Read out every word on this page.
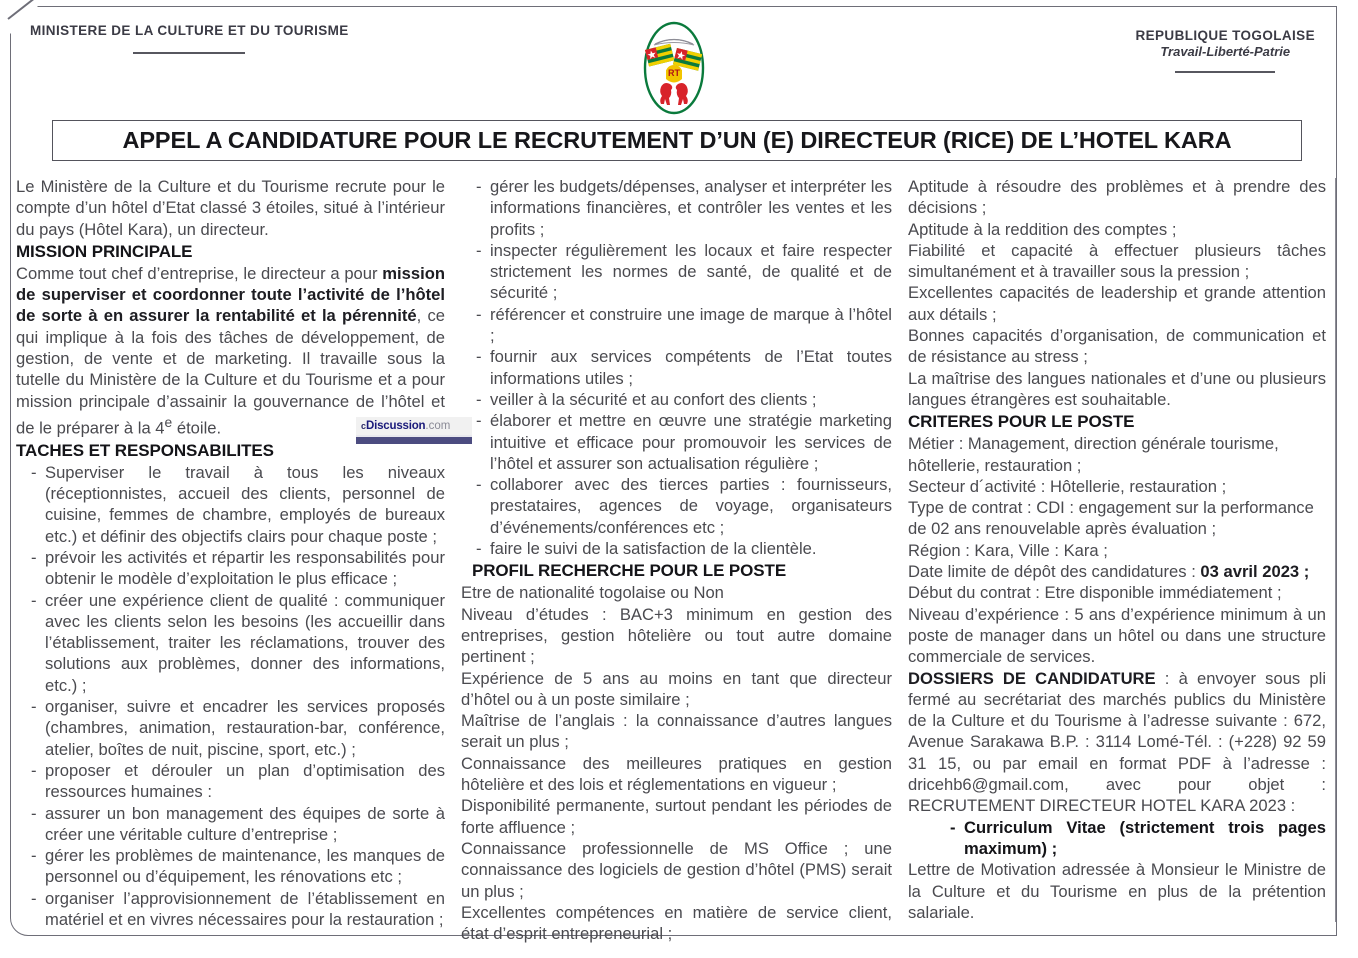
MINISTERE DE LA CULTURE ET DU TOURISME
RT
REPUBLIQUE TOGOLAISE
Travail-Liberté-Patrie
APPEL A CANDIDATURE POUR LE RECRUTEMENT D’UN (E) DIRECTEUR (RICE) DE L’HOTEL KARA
cDiscussion.com

Le Ministère de la Culture et du Tourisme recrute pour le compte d’un hôtel d’Etat classé 3 étoiles, situé à l’intérieur du pays (Hôtel Kara), un directeur.

MISSION PRINCIPALE

Comme tout chef d’entreprise, le directeur a pour mission de superviser et coordonner toute l’activité de l’hôtel de sorte à en assurer la rentabilité et la pérennité, ce qui implique à la fois des tâches de développement, de gestion, de vente et de marketing. Il travaille sous la tutelle du Ministère de la Culture et du Tourisme et a pour mission principale d’assainir la gouvernance de l’hôtel et de le préparer à la 4e étoile.

TACHES ET RESPONSABILITES
- Superviser le travail à tous les niveaux (réceptionnistes, accueil des clients, personnel de cuisine, femmes de chambre, employés de bureaux etc.) et définir des objectifs clairs pour chaque poste ;
- prévoir les activités et répartir les responsabilités pour obtenir le modèle d’exploitation le plus efficace ;
- créer une expérience client de qualité : communiquer avec les clients selon les besoins (les accueillir dans l’établissement, traiter les réclamations, trouver des solutions aux problèmes, donner des informations, etc.) ;
- organiser, suivre et encadrer les services proposés (chambres, animation, restauration-bar, conférence, atelier, boîtes de nuit, piscine, sport, etc.) ;
- proposer et dérouler un plan d’optimisation des ressources humaines :
- assurer un bon management des équipes de sorte à créer une véritable culture d’entreprise ;
- gérer les problèmes de maintenance, les manques de personnel ou d’équipement, les rénovations etc ;
- organiser l’approvisionnement de l’établissement en matériel et en vivres nécessaires pour la restauration ;
- gérer les budgets/dépenses, analyser et interpréter les informations financières, et contrôler les ventes et les profits ;
- inspecter régulièrement les locaux et faire respecter strictement les normes de santé, de qualité et de sécurité ;
- référencer et construire une image de marque à l’hôtel ;
- fournir aux services compétents de l’Etat toutes informations utiles ;
- veiller à la sécurité et au confort des clients ;
- élaborer et mettre en œuvre une stratégie marketing intuitive et efficace pour promouvoir les services de l’hôtel et assurer son actualisation régulière ;
- collaborer avec des tierces parties : fournisseurs, prestataires, agences de voyage, organisateurs d’événements/conférences etc ;
- faire le suivi de la satisfaction de la clientèle.
PROFIL RECHERCHE POUR LE POSTE

Etre de nationalité togolaise ou Non

Niveau d’études : BAC+3 minimum en gestion des entreprises, gestion hôtelière ou tout autre domaine pertinent ;

Expérience de 5 ans au moins en tant que directeur d’hôtel ou à un poste similaire ;

Maîtrise de l’anglais : la connaissance d’autres langues serait un plus ;

Connaissance des meilleures pratiques en gestion hôtelière et des lois et réglementations en vigueur ;

Disponibilité permanente, surtout pendant les périodes de forte affluence ;

Connaissance professionnelle de MS Office ; une connaissance des logiciels de gestion d’hôtel (PMS) serait un plus ;

Excellentes compétences en matière de service client, état d’esprit entrepreneurial ;

Aptitude à résoudre des problèmes et à prendre des décisions ;

Aptitude à la reddition des comptes ;

Fiabilité et capacité à effectuer plusieurs tâches simultanément et à travailler sous la pression ;

Excellentes capacités de leadership et grande attention aux détails ;

Bonnes capacités d’organisation, de communication et de résistance au stress ;

La maîtrise des langues nationales et d’une ou plusieurs langues étrangères est souhaitable.

CRITERES POUR LE POSTE

Métier : Management, direction générale tourisme, hôtellerie, restauration ;

Secteur d´activité : Hôtellerie, restauration ;

Type de contrat : CDI : engagement sur la performance de 02 ans renouvelable après évaluation ;

Région : Kara, Ville : Kara ;

Date limite de dépôt des candidatures : 03 avril 2023 ;

Début du contrat : Etre disponible immédiatement ;

Niveau d’expérience : 5 ans d’expérience minimum à un poste de manager dans un hôtel ou dans une structure commerciale de services.

DOSSIERS DE CANDIDATURE : à envoyer sous pli fermé au secrétariat des marchés publics du Ministère de la Culture et du Tourisme à l’adresse suivante : 672, Avenue Sarakawa B.P. : 3114 Lomé-Tél. : (+228) 92 59 31 15, ou par email en format PDF à l’adresse : dricehb6@gmail.com, avec pour objet : RECRUTEMENT DIRECTEUR HOTEL KARA 2023 :

- Curriculum Vitae (strictement trois pages maximum) ;

Lettre de Motivation adressée à Monsieur le Ministre de la Culture et du Tourisme en plus de la prétention salariale.
